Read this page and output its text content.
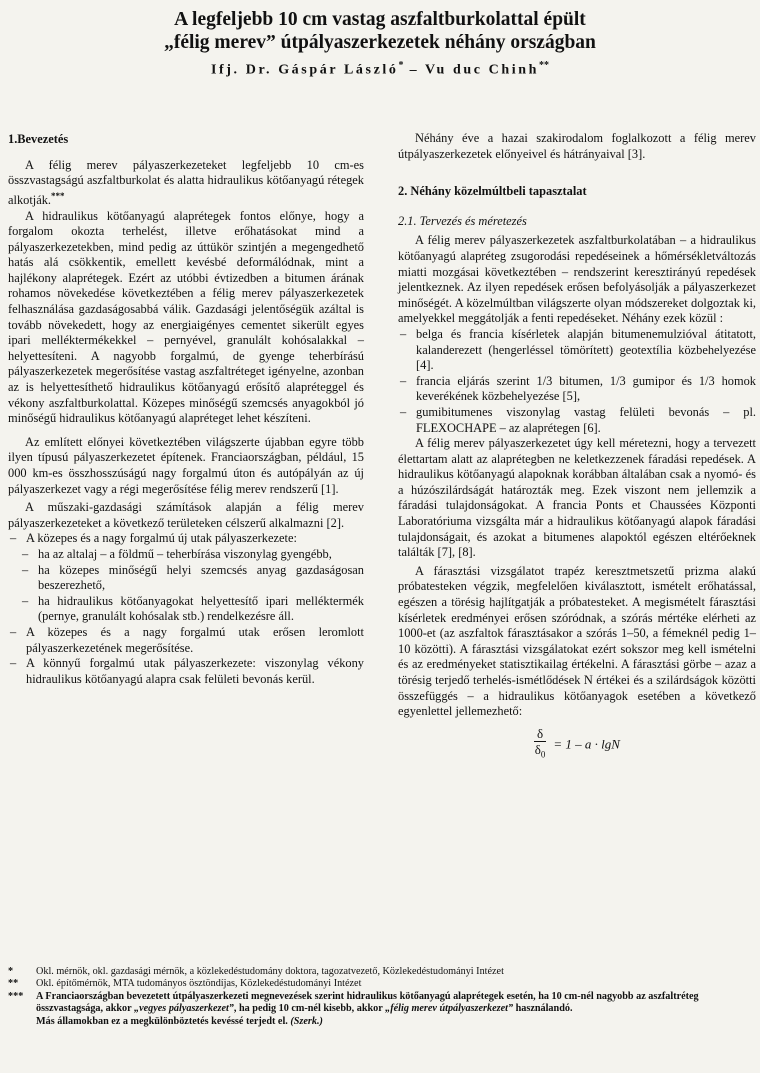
A legfeljebb 10 cm vastag aszfaltburkolattal épült
„félig merev” útpályaszerkezetek néhány országban
Ifj. Dr. Gáspár László* – Vu duc Chinh**
1.Bevezetés

A félig merev pályaszerkezeteket legfeljebb 10 cm-es összvastagságú aszfaltburkolat és alatta hidraulikus kötőanyagú rétegek alkotják.***

A hidraulikus kötőanyagú alaprétegek fontos előnye, hogy a forgalom okozta terhelést, illetve erőhatásokat mind a pályaszerkezetekben, mind pedig az úttükör szintjén a megengedhető hatás alá csökkentik, emellett kevésbé deformálódnak, mint a hajlékony alaprétegek. Ezért az utóbbi évtizedben a bitumen árának rohamos növekedése következtében a félig merev pályaszerkezetek felhasználása gazdaságosabbá válik. Gazdasági jelentőségük azáltal is tovább növekedett, hogy az energiaigényes cementet sikerült egyes ipari melléktermékekkel – pernyével, granulált kohósalakkal – helyettesíteni. A nagyobb forgalmú, de gyenge teherbírású pályaszerkezetek megerősítése vastag aszfaltréteget igényelne, azonban az is helyettesíthető hidraulikus kötőanyagú erősítő alapréteggel és vékony aszfaltburkolattal. Közepes minőségű szemcsés anyagokból jó minőségű hidraulikus kötőanyagú alapréteget lehet készíteni.

Az említett előnyei következtében világszerte újabban egyre több ilyen típusú pályaszerkezetet építenek. Franciaországban, például, 15 000 km-es összhosszúságú nagy forgalmú úton és autópályán az új pályaszerkezet vagy a régi megerősítése félig merev rendszerű [1].

A műszaki-gazdasági számítások alapján a félig merev pályaszerkezeteket a következő területeken célszerű alkalmazni [2].

– A közepes és a nagy forgalmú új utak pályaszerkezete:
– ha az altalaj – a földmű – teherbírása viszonylag gyengébb,
– ha közepes minőségű helyi szemcsés anyag gazdaságosan beszerezhető,
– ha hidraulikus kötőanyagokat helyettesítő ipari melléktermék (pernye, granulált kohósalak stb.) rendelkezésre áll.
– A közepes és a nagy forgalmú utak erősen leromlott pályaszerkezetének megerősítése.
– A könnyű forgalmú utak pályaszerkezete: viszonylag vékony hidraulikus kötőanyagú alapra csak felületi bevonás kerül.

Néhány éve a hazai szakirodalom foglalkozott a félig merev útpályaszerkezetek előnyeivel és hátrányaival [3].

2. Néhány közelmúltbeli tapasztalat
2.1. Tervezés és méretezés

A félig merev pályaszerkezetek aszfaltburkolatában – a hidraulikus kötőanyagú alapréteg zsugorodási repedéseinek a hőmérsékletváltozás miatti mozgásai következtében – rendszerint keresztirányú repedések jelentkeznek. Az ilyen repedések erősen befolyásolják a pályaszerkezet minőségét. A közelmúltban világszerte olyan módszereket dolgoztak ki, amelyekkel meggátolják a fenti repedéseket. Néhány ezek közül :

– belga és francia kísérletek alapján bitumenemulzióval átitatott, kalanderezett (hengerléssel tömörített) geotextília közbehelyezése [4].
– francia eljárás szerint 1/3 bitumen, 1/3 gumipor és 1/3 homok keverékének közbehelyezése [5],
– gumibitumenes viszonylag vastag felületi bevonás – pl. FLEXOCHAPE – az alaprétegen [6].

A félig merev pályaszerkezetet úgy kell méretezni, hogy a tervezett élettartam alatt az alaprétegben ne keletkezzenek fáradási repedések. A hidraulikus kötőanyagú alapoknak korábban általában csak a nyomó- és a húzószilárdságát határozták meg. Ezek viszont nem jellemzik a fáradási tulajdonságokat. A francia Ponts et Chaussées Központi Laboratóriuma vizsgálta már a hidraulikus kötőanyagú alapok fáradási tulajdonságait, és azokat a bitumenes alapoktól egészen eltérőeknek találták [7], [8].

A fárasztási vizsgálatot trapéz keresztmetszetű prizma alakú próbatesteken végzik, megfelelően kiválasztott, ismételt erőhatással, egészen a törésig hajlítgatják a próbatesteket. A megismételt fárasztási kísérletek eredményei erősen szóródnak, a szórás mértéke elérheti az 1000-et (az aszfaltok fárasztásakor a szórás 1–50, a fémeknél pedig 1–10 közötti). A fárasztási vizsgálatokat ezért sokszor meg kell ismételni és az eredményeket statisztikailag értékelni. A fárasztási görbe – azaz a törésig terjedő terhelés-ismétlődések N értékei és a szilárdságok közötti összefüggés – a hidraulikus kötőanyagok esetében a következő egyenlettel jellemezhető:

$\frac{\delta}{\delta_0} = 1 - a \cdot \lg N$
* Okl. mérnök, okl. gazdasági mérnök, a közlekedéstudomány doktora, tagozatvezető, Közlekedéstudományi Intézet
** Okl. építőmérnök, MTA tudományos ösztöndíjas, Közlekedéstudományi Intézet
*** A Franciaországban bevezetett útpályaszerkezeti megnevezések szerint hidraulikus kötőanyagú alaprétegek esetén, ha 10 cm-nél nagyobb az aszfaltréteg összvastagsága, akkor „vegyes pályaszerkezet”, ha pedig 10 cm-nél kisebb, akkor „félig merev útpályaszerkezet” használandó.
Más államokban ez a megkülönböztetés kevéssé terjedt el. (Szerk.)
